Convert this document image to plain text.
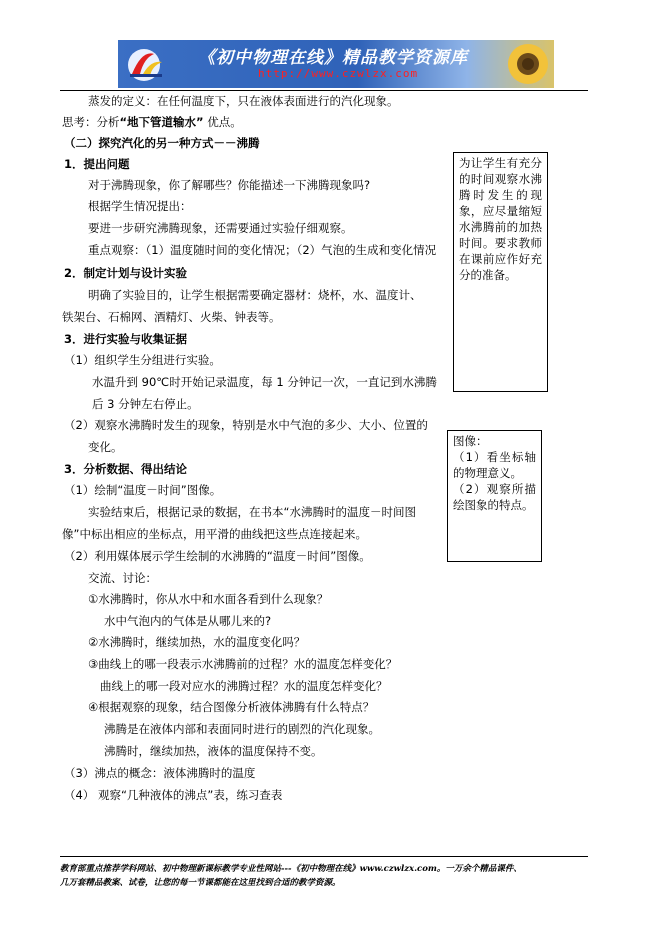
《初中物理在线》精品教学资源库
http://www.czwlzx.com
蒸发的定义：在任何温度下，只在液体表面进行的汽化现象。
思考：分析“地下管道输水” 优点。
（二）探究汽化的另一种方式－－沸腾
1．提出问题
对于沸腾现象，你了解哪些？你能描述一下沸腾现象吗?
根据学生情况提出：
要进一步研究沸腾现象，还需要通过实验仔细观察。
重点观察：（1）温度随时间的变化情况；（2）气泡的生成和变化情况
2．制定计划与设计实验
明确了实验目的，让学生根据需要确定器材：烧杯，水、温度计、
铁架台、石棉网、酒精灯、火柴、钟表等。
3．进行实验与收集证据
（1）组织学生分组进行实验。
水温升到 90℃时开始记录温度，每 1 分钟记一次，一直记到水沸腾
后 3 分钟左右停止。
（2）观察水沸腾时发生的现象，特别是水中气泡的多少、大小、位置的
变化。
3．分析数据、得出结论
（1）绘制“温度－时间”图像。
实验结束后，根据记录的数据，在书本“水沸腾时的温度－时间图
像”中标出相应的坐标点，用平滑的曲线把这些点连接起来。
（2）利用媒体展示学生绘制的水沸腾的“温度－时间”图像。
交流、讨论：
①水沸腾时，你从水中和水面各看到什么现象？
水中气泡内的气体是从哪儿来的?
②水沸腾时，继续加热，水的温度变化吗？
③曲线上的哪一段表示水沸腾前的过程？水的温度怎样变化？
曲线上的哪一段对应水的沸腾过程？水的温度怎样变化？
④根据观察的现象，结合图像分析液体沸腾有什么特点？
沸腾是在液体内部和表面同时进行的剧烈的汽化现象。
沸腾时，继续加热，液体的温度保持不变。
（3）沸点的概念：液体沸腾时的温度
（4） 观察“几种液体的沸点”表，练习查表
为让学生有充分的时间观察水沸腾时发生的现象，应尽量缩短水沸腾前的加热时间。要求教师在课前应作好充分的准备。
图像：
（1）看坐标轴的物理意义。
（2）观察所描绘图象的特点。
教育部重点推荐学科网站、初中物理新课标教学专业性网站---《初中物理在线》www.czwlzx.com。一万余个精品课件、
几万套精品教案、试卷，让您的每一节课都能在这里找到合适的教学资源。
